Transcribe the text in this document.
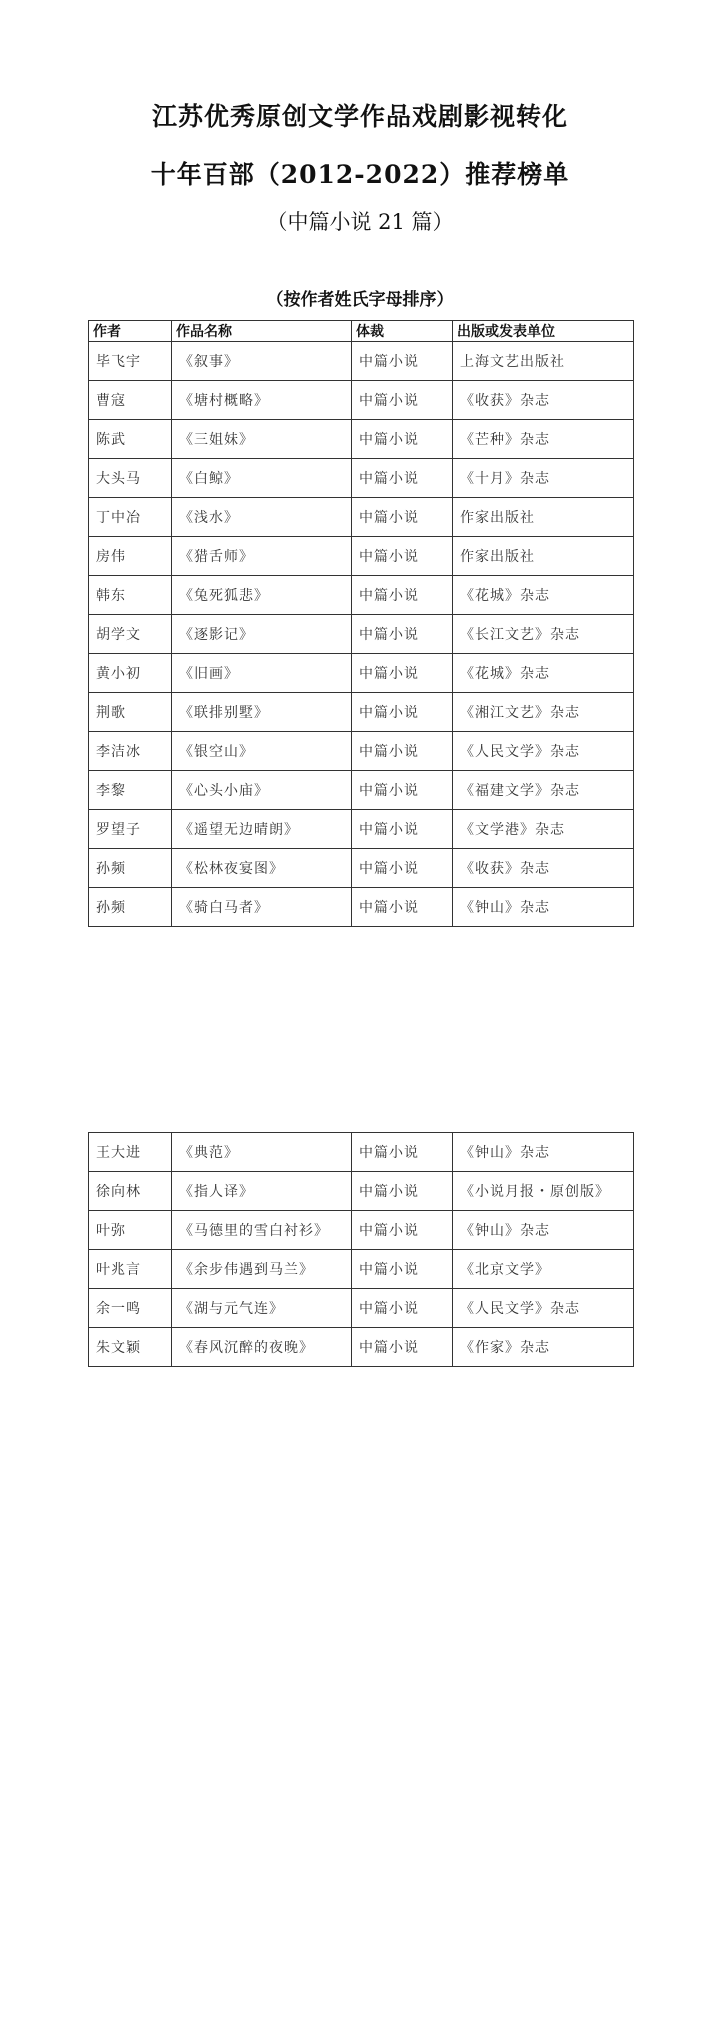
江苏优秀原创文学作品戏剧影视转化
十年百部（2012-2022）推荐榜单
（中篇小说 21 篇）
（按作者姓氏字母排序）
作者	作品名称	体裁	出版或发表单位
毕飞宇	《叙事》	中篇小说	上海文艺出版社
曹寇	《塘村概略》	中篇小说	《收获》杂志
陈武	《三姐妹》	中篇小说	《芒种》杂志
大头马	《白鲸》	中篇小说	《十月》杂志
丁中冶	《浅水》	中篇小说	作家出版社
房伟	《猎舌师》	中篇小说	作家出版社
韩东	《兔死狐悲》	中篇小说	《花城》杂志
胡学文	《逐影记》	中篇小说	《长江文艺》杂志
黄小初	《旧画》	中篇小说	《花城》杂志
荆歌	《联排别墅》	中篇小说	《湘江文艺》杂志
李洁冰	《银空山》	中篇小说	《人民文学》杂志
李黎	《心头小庙》	中篇小说	《福建文学》杂志
罗望子	《遥望无边晴朗》	中篇小说	《文学港》杂志
孙频	《松林夜宴图》	中篇小说	《收获》杂志
孙频	《骑白马者》	中篇小说	《钟山》杂志
王大进	《典范》	中篇小说	《钟山》杂志
徐向林	《指人译》	中篇小说	《小说月报・原创版》
叶弥	《马德里的雪白衬衫》	中篇小说	《钟山》杂志
叶兆言	《余步伟遇到马兰》	中篇小说	《北京文学》
余一鸣	《湖与元气连》	中篇小说	《人民文学》杂志
朱文颖	《春风沉醉的夜晚》	中篇小说	《作家》杂志
